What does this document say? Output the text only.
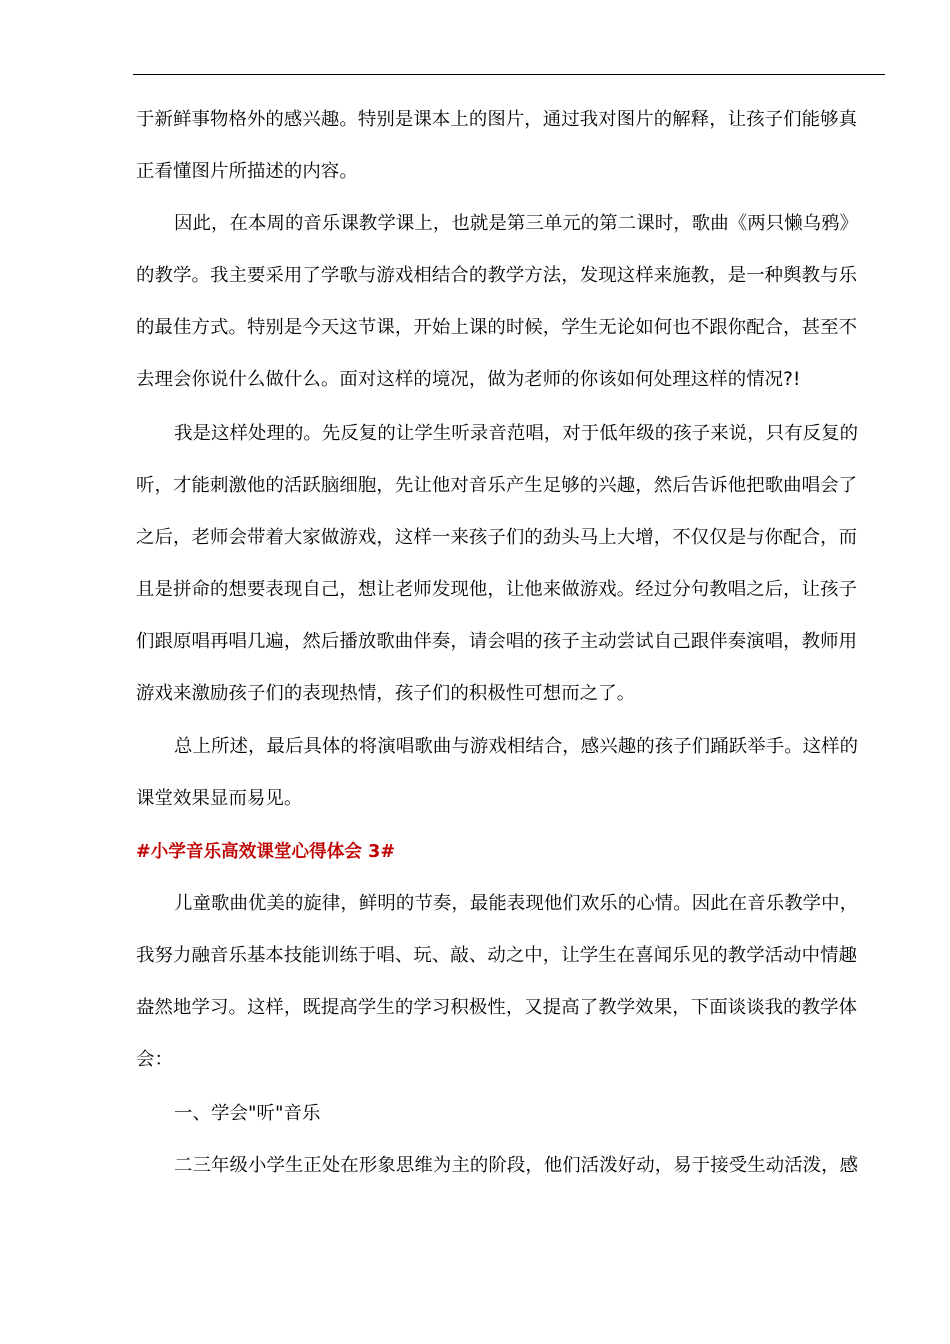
于新鲜事物格外的感兴趣。特别是课本上的图片，通过我对图片的解释，让孩子们能够真
正看懂图片所描述的内容。
因此，在本周的音乐课教学课上，也就是第三单元的第二课时，歌曲《两只懒乌鸦》
的教学。我主要采用了学歌与游戏相结合的教学方法，发现这样来施教，是一种舆教与乐
的最佳方式。特别是今天这节课，开始上课的时候，学生无论如何也不跟你配合，甚至不
去理会你说什么做什么。面对这样的境况，做为老师的你该如何处理这样的情况?!
我是这样处理的。先反复的让学生听录音范唱，对于低年级的孩子来说，只有反复的
听，才能刺激他的活跃脑细胞，先让他对音乐产生足够的兴趣，然后告诉他把歌曲唱会了
之后，老师会带着大家做游戏，这样一来孩子们的劲头马上大增，不仅仅是与你配合，而
且是拼命的想要表现自己，想让老师发现他，让他来做游戏。经过分句教唱之后，让孩子
们跟原唱再唱几遍，然后播放歌曲伴奏，请会唱的孩子主动尝试自己跟伴奏演唱，教师用
游戏来激励孩子们的表现热情，孩子们的积极性可想而之了。
总上所述，最后具体的将演唱歌曲与游戏相结合，感兴趣的孩子们踊跃举手。这样的
课堂效果显而易见。
#小学音乐高效课堂心得体会 3#
儿童歌曲优美的旋律，鲜明的节奏，最能表现他们欢乐的心情。因此在音乐教学中，
我努力融音乐基本技能训练于唱、玩、敲、动之中，让学生在喜闻乐见的教学活动中情趣
盎然地学习。这样，既提高学生的学习积极性，又提高了教学效果，下面谈谈我的教学体
会：
一、学会"听"音乐
二三年级小学生正处在形象思维为主的阶段，他们活泼好动，易于接受生动活泼，感
